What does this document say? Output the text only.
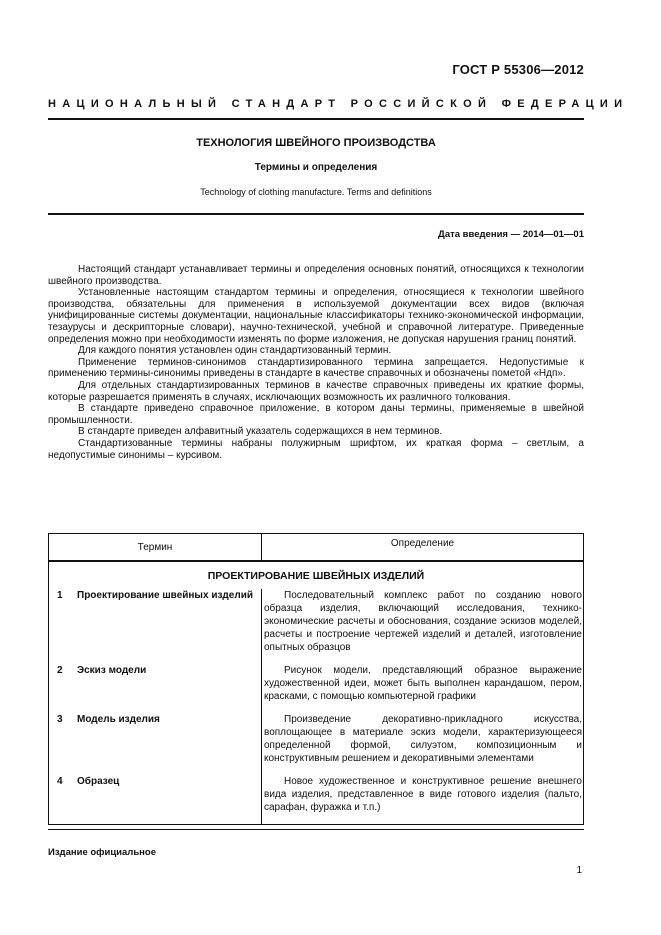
ГОСТ Р 55306—2012
НАЦИОНАЛЬНЫЙ СТАНДАРТ РОССИЙСКОЙ ФЕДЕРАЦИИ
ТЕХНОЛОГИЯ ШВЕЙНОГО ПРОИЗВОДСТВА
Термины и определения
Technology of clothing manufacture. Terms and definitions
Дата введения — 2014—01—01

Настоящий стандарт устанавливает термины и определения основных понятий, относящихся к технологии швейного производства.

Установленные настоящим стандартом термины и определения, относящиеся к технологии швейного производства, обязательны для применения в используемой документации всех видов (включая унифицированные системы документации, национальные классификаторы технико-экономической информации, тезаурусы и дескрипторные словари), научно-технической, учебной и справочной литературе. Приведенные определения можно при необходимости изменять по форме изложения, не допуская нарушения границ понятий.

Для каждого понятия установлен один стандартизованный термин.

Применение терминов-синонимов стандартизированного термина запрещается. Недопустимые к применению термины-синонимы приведены в стандарте в качестве справочных и обозначены пометой «Ндп».

Для отдельных стандартизированных терминов в качестве справочных приведены их краткие формы, которые разрешается применять в случаях, исключающих возможность их различного толкования.

В стандарте приведено справочное приложение, в котором даны термины, применяемые в швейной промышленности.

В стандарте приведен алфавитный указатель содержащихся в нем терминов.

Стандартизованные термины набраны полужирным шрифтом, их краткая форма – светлым, а недопустимые синонимы – курсивом.

Термин	Определение
ПРОЕКТИРОВАНИЕ ШВЕЙНЫХ ИЗДЕЛИЙ	
1 Проектирование швейных изделий	Последовательный комплекс работ по созданию нового образца изделия, включающий исследования, технико-экономические расчеты и обоснования, создание эскизов моделей, расчеты и построение чертежей изделий и деталей, изготовление опытных образцов

2 Эскиз модели	Рисунок модели, представляющий образное выражение художественной идеи, может быть выполнен карандашом, пером, красками, с помощью компьютерной графики

3 Модель изделия	Произведение декоративно-прикладного искусства, воплощающее в материале эскиз модели, характеризующееся определенной формой, силуэтом, композиционным и конструктивным решением и декоративными элементами

4 Образец	Новое художественное и конструктивное решение внешнего вида изделия, представленное в виде готового изделия (пальто, сарафан, фуражка и т.п.)

Издание официальное
1
